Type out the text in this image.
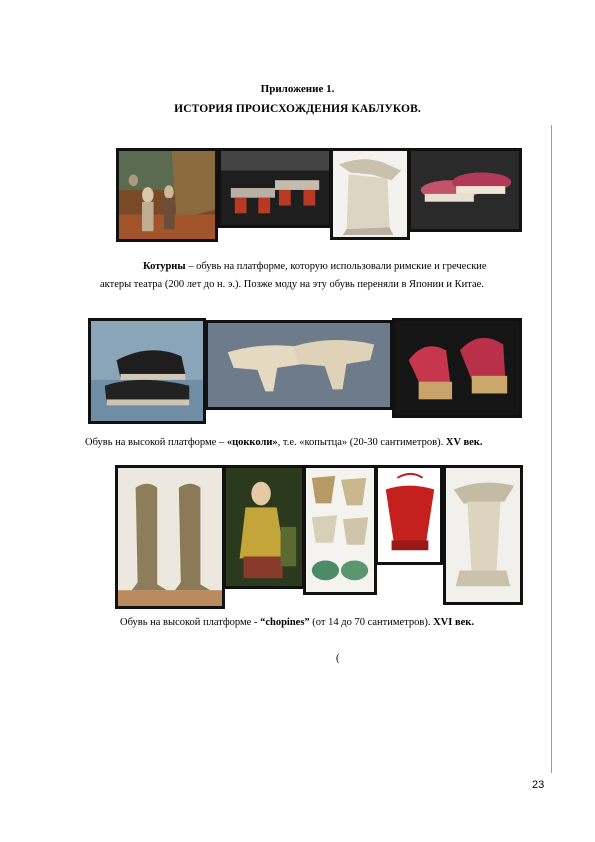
Приложение 1.
ИСТОРИЯ ПРОИСХОЖДЕНИЯ КАБЛУКОВ.
Котурны – обувь на платформе, которую использовали римские и греческие
актеры театра (200 лет до н. э.). Позже моду на эту обувь переняли в Японии и Китае.
Обувь на высокой платформе – «цокколи», т.е. «копытца» (20-30 сантиметров). XV век.
Обувь на высокой платформе - “chopines” (от 14 до 70 сантиметров). XVI век.
(
23
